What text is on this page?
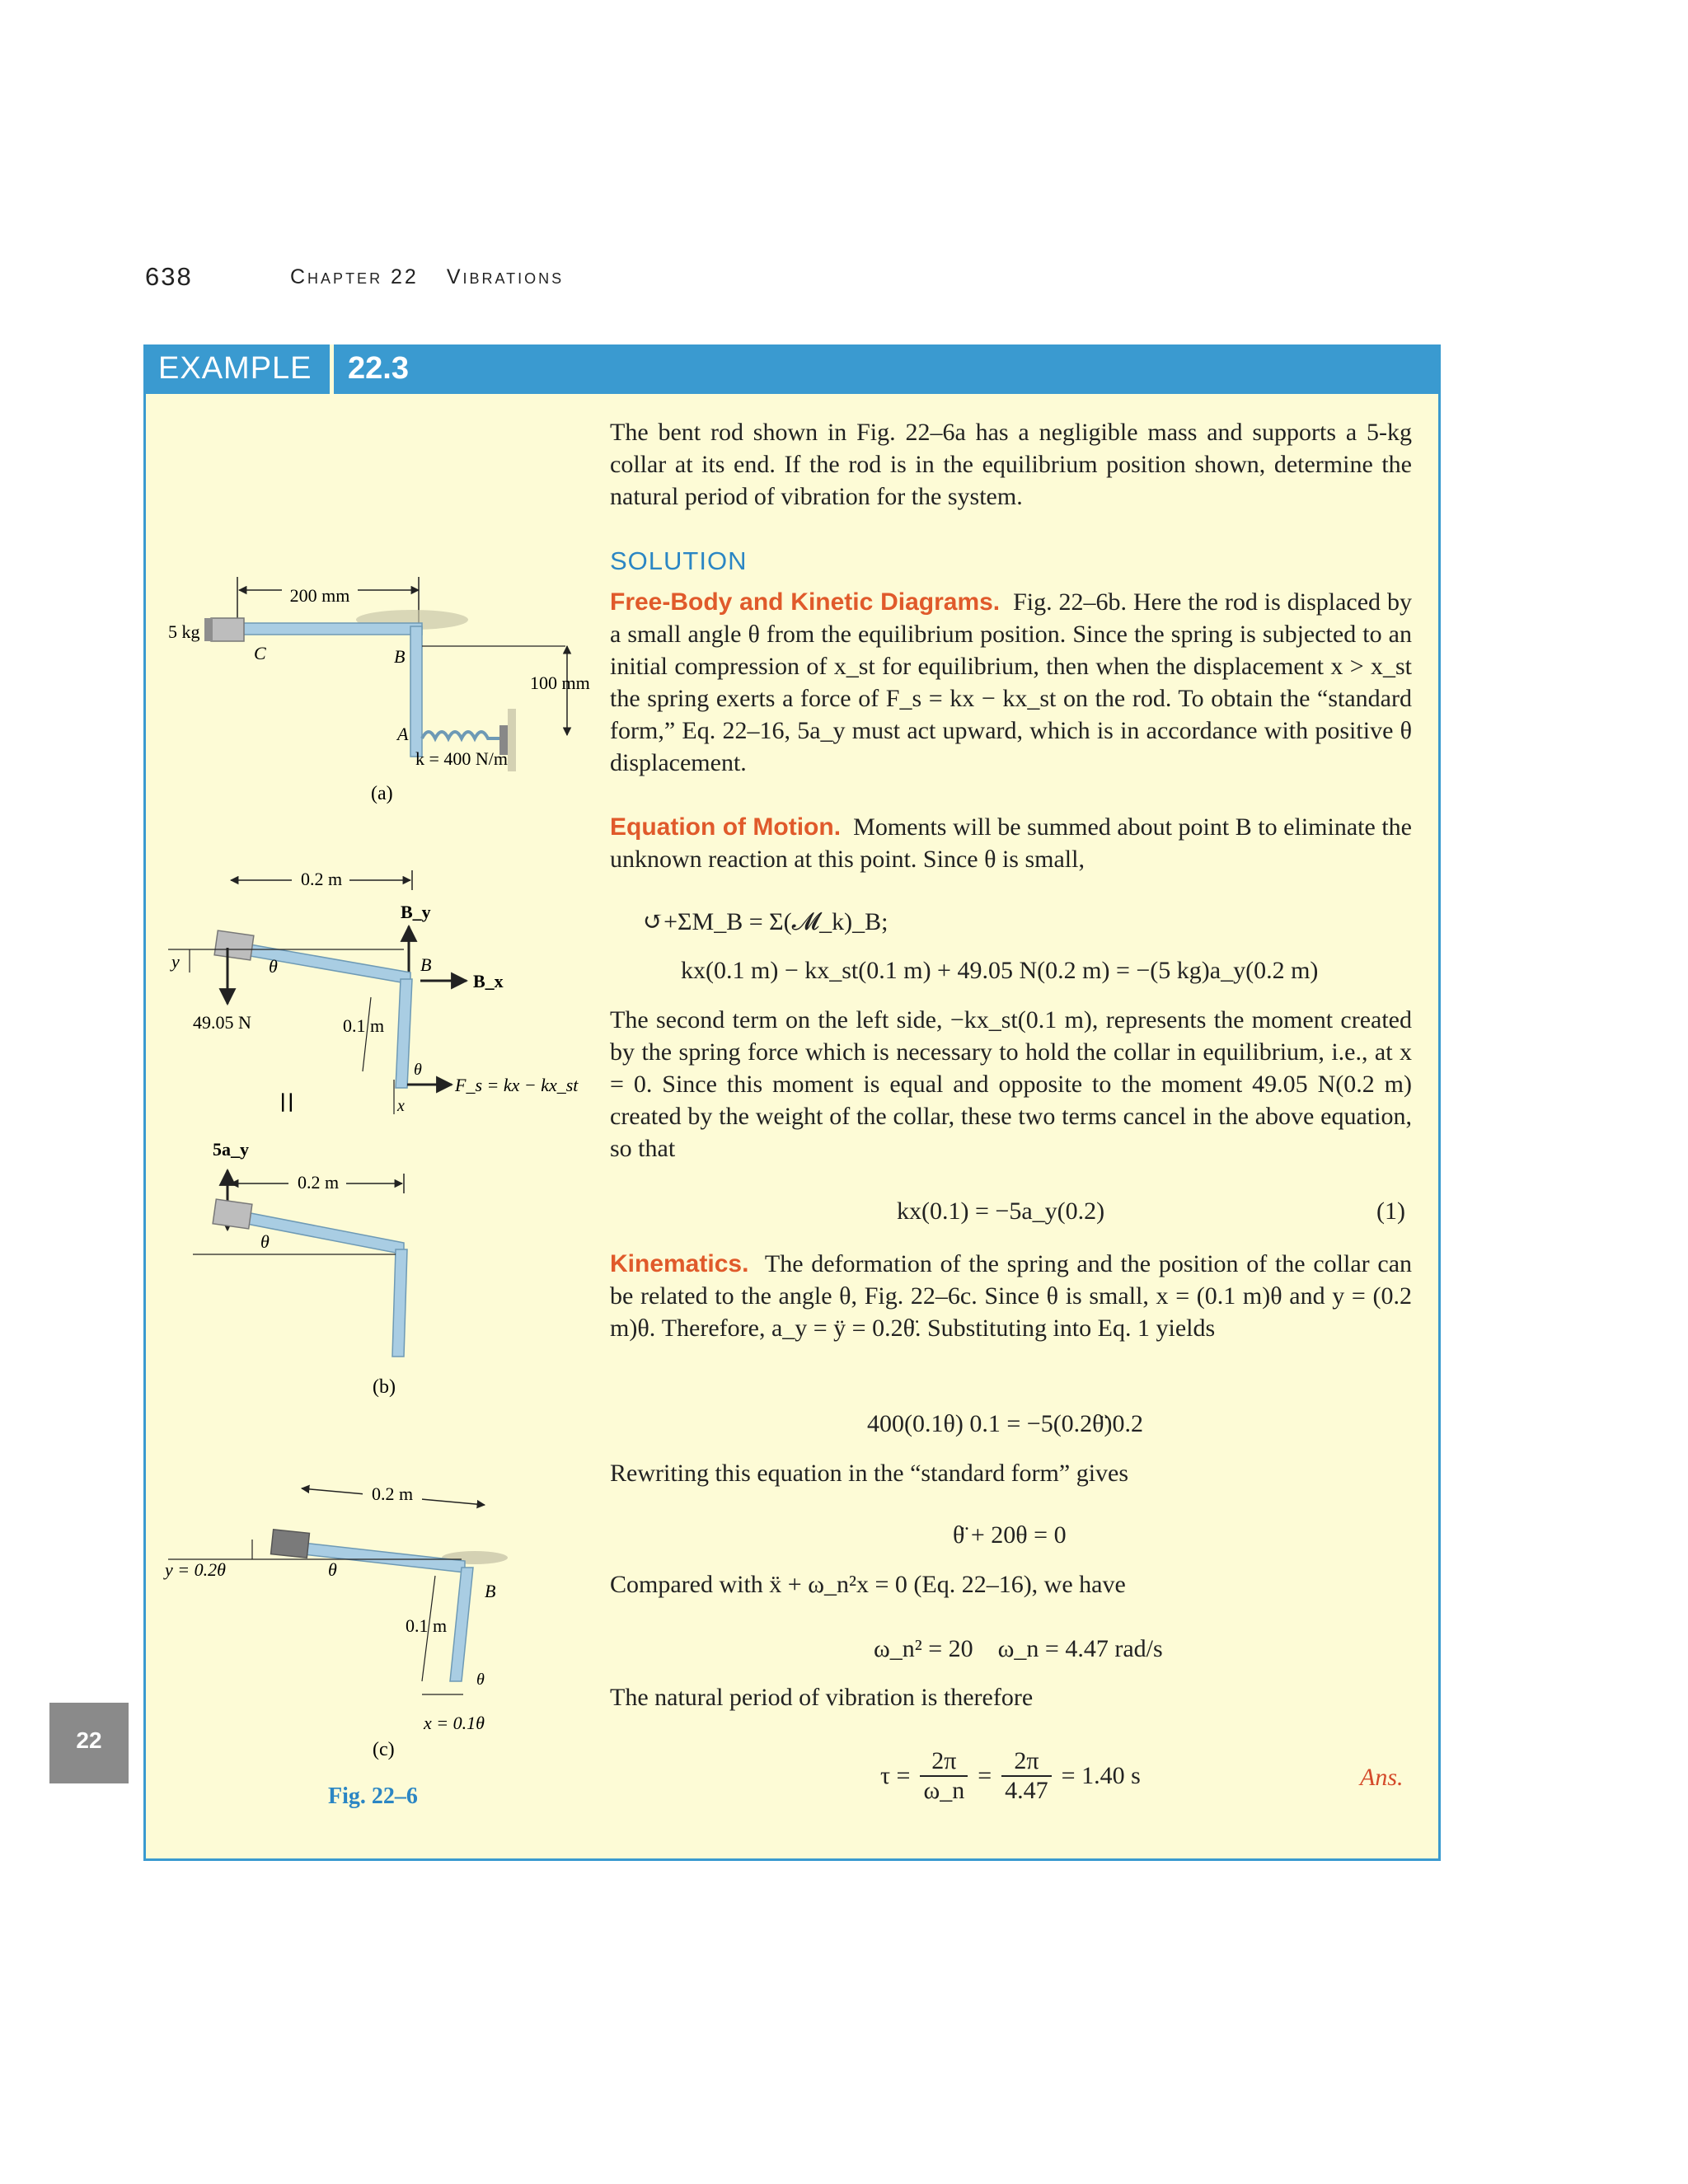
638	Chapter 22 Vibrations
EXAMPLE 22.3

The bent rod shown in Fig. 22–6a has a negligible mass and supports a 5-kg collar at its end. If the rod is in the equilibrium position shown, determine the natural period of vibration for the system.

SOLUTION

Free-Body and Kinetic Diagrams. Fig. 22–6b. Here the rod is displaced by a small angle θ from the equilibrium position. Since the spring is subjected to an initial compression of x_st for equilibrium, then when the displacement x > x_st the spring exerts a force of F_s = kx − kx_st on the rod. To obtain the “standard form,” Eq. 22–16, 5a_y must act upward, which is in accordance with positive θ displacement.

Equation of Motion. Moments will be summed about point B to eliminate the unknown reaction at this point. Since θ is small,

↺+ΣM_B = Σ(𝓜_k)_B;
kx(0.1 m) − kx_st(0.1 m) + 49.05 N(0.2 m) = −(5 kg)a_y(0.2 m)

The second term on the left side, −kx_st(0.1 m), represents the moment created by the spring force which is necessary to hold the collar in equilibrium, i.e., at x = 0. Since this moment is equal and opposite to the moment 49.05 N(0.2 m) created by the weight of the collar, these two terms cancel in the above equation, so that

kx(0.1) = −5a_y(0.2)	(1)

Kinematics. The deformation of the spring and the position of the collar can be related to the angle θ, Fig. 22–6c. Since θ is small, x = (0.1 m)θ and y = (0.2 m)θ. Therefore, a_y = ÿ = 0.2θ̈. Substituting into Eq. 1 yields

400(0.1θ) 0.1 = −5(0.2θ̈)0.2

Rewriting this equation in the “standard form” gives

θ̈ + 20θ = 0

Compared with ẍ + ω_n²x = 0 (Eq. 22–16), we have

ω_n² = 20    ω_n = 4.47 rad/s

The natural period of vibration is therefore

$\tau = \frac{2\pi}{\omega\_n} = \frac{2\pi}{4.47} = 1.40$ s	Ans.
200 mm
5 kg
C	B
100 mm
A
k = 400 N/m
(a)
0.2 m
B_y
B_x
B
y	θ
49.05 N	0.1 m
F_s = kx − kx_st
θ
x
=
5a_y
0.2 m
θ
(b)
0.2 m
y = 0.2θ	θ
B
0.1 m
θ
x = 0.1θ
(c)
Fig. 22–6
22
